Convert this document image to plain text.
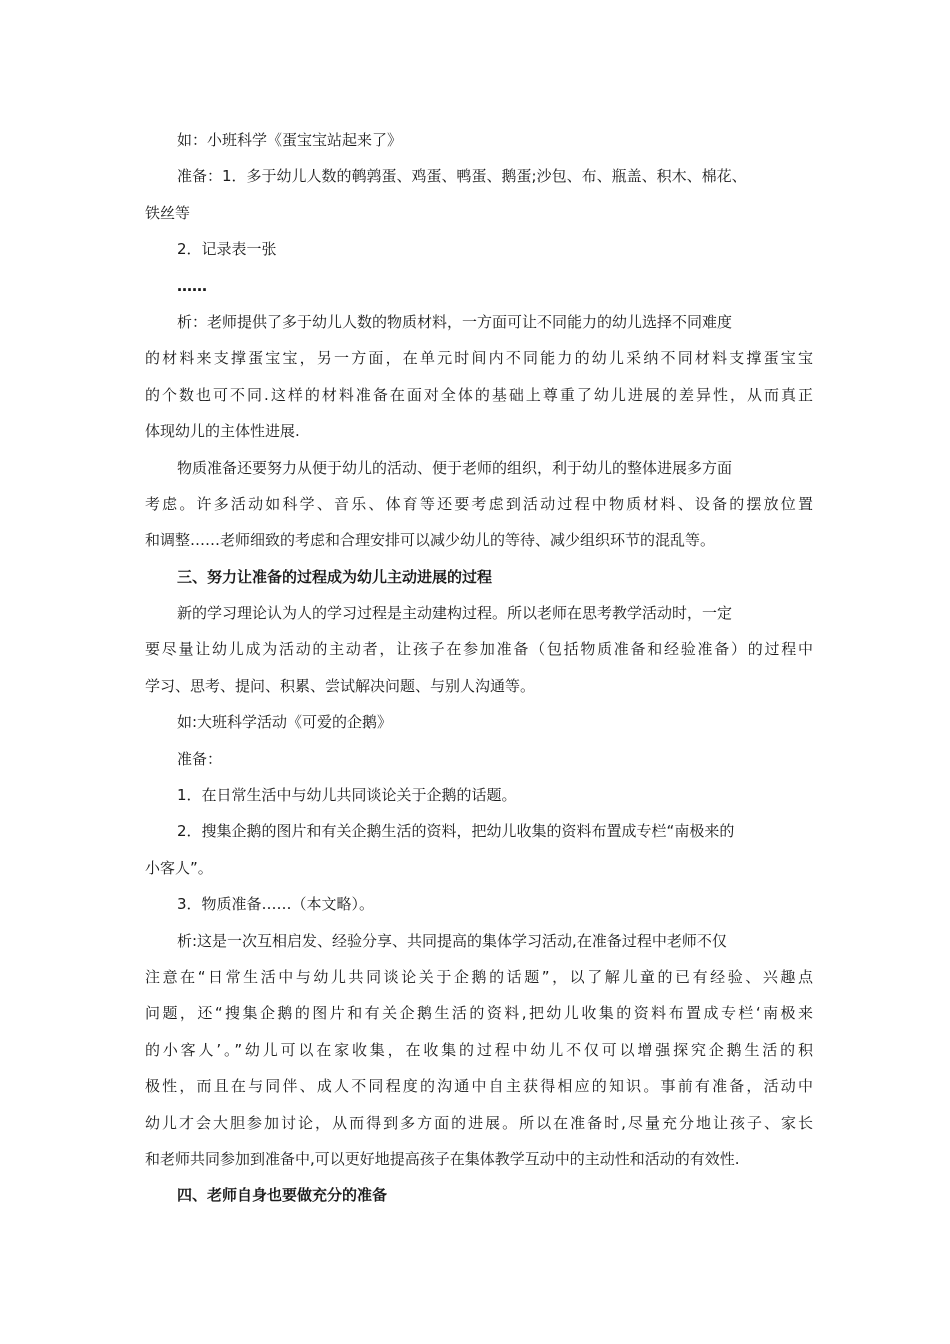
如：小班科学《蛋宝宝站起来了》
准备：1．多于幼儿人数的鹌鹑蛋、鸡蛋、鸭蛋、鹅蛋;沙包、布、瓶盖、积木、棉花、
铁丝等
2．记录表一张
……
析：老师提供了多于幼儿人数的物质材料，一方面可让不同能力的幼儿选择不同难度
的材料来支撑蛋宝宝，另一方面，在单元时间内不同能力的幼儿采纳不同材料支撑蛋宝宝
的个数也可不同.这样的材料准备在面对全体的基础上尊重了幼儿进展的差异性，从而真正
体现幼儿的主体性进展.
物质准备还要努力从便于幼儿的活动、便于老师的组织，利于幼儿的整体进展多方面
考虑。许多活动如科学、音乐、体育等还要考虑到活动过程中物质材料、设备的摆放位置
和调整……老师细致的考虑和合理安排可以减少幼儿的等待、减少组织环节的混乱等。
三、努力让准备的过程成为幼儿主动进展的过程
新的学习理论认为人的学习过程是主动建构过程。所以老师在思考教学活动时，一定
要尽量让幼儿成为活动的主动者，让孩子在参加准备（包括物质准备和经验准备）的过程中
学习、思考、提问、积累、尝试解决问题、与别人沟通等。
如:大班科学活动《可爱的企鹅》
准备：
1．在日常生活中与幼儿共同谈论关于企鹅的话题。
2．搜集企鹅的图片和有关企鹅生活的资料，把幼儿收集的资料布置成专栏“南极来的
小客人”。
3．物质准备……（本文略）。
析:这是一次互相启发、经验分享、共同提高的集体学习活动,在准备过程中老师不仅
注意在“日常生活中与幼儿共同谈论关于企鹅的话题”，以了解儿童的已有经验、兴趣点
问题，还“搜集企鹅的图片和有关企鹅生活的资料,把幼儿收集的资料布置成专栏‘南极来
的小客人’。”幼儿可以在家收集，在收集的过程中幼儿不仅可以增强探究企鹅生活的积
极性，而且在与同伴、成人不同程度的沟通中自主获得相应的知识。事前有准备，活动中
幼儿才会大胆参加讨论，从而得到多方面的进展。所以在准备时,尽量充分地让孩子、家长
和老师共同参加到准备中,可以更好地提高孩子在集体教学互动中的主动性和活动的有效性.
四、老师自身也要做充分的准备
